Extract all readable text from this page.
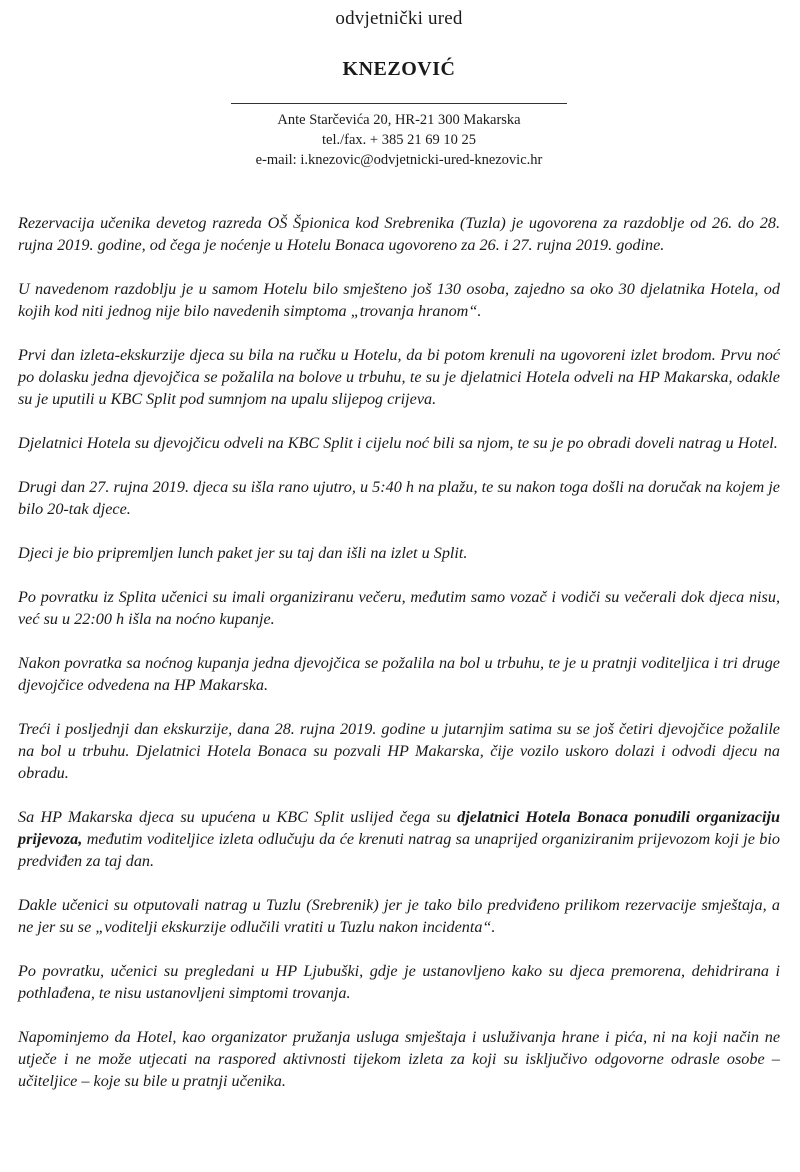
odvjetnički ured
KNEZOVIĆ
Ante Starčevića 20, HR-21 300 Makarska
tel./fax. + 385 21 69 10 25
e-mail: i.knezovic@odvjetnicki-ured-knezovic.hr

Rezervacija učenika devetog razreda OŠ Špionica kod Srebrenika (Tuzla) je ugovorena za razdoblje od 26. do 28. rujna 2019. godine, od čega je noćenje u Hotelu Bonaca ugovoreno za 26. i 27. rujna 2019. godine.

U navedenom razdoblju je u samom Hotelu bilo smješteno još 130 osoba, zajedno sa oko 30 djelatnika Hotela, od kojih kod niti jednog nije bilo navedenih simptoma „trovanja hranom“.

Prvi dan izleta-ekskurzije djeca su bila na ručku u Hotelu, da bi potom krenuli na ugovoreni izlet brodom. Prvu noć po dolasku jedna djevojčica se požalila na bolove u trbuhu, te su je djelatnici Hotela odveli na HP Makarska, odakle su je uputili u KBC Split pod sumnjom na upalu slijepog crijeva.

Djelatnici Hotela su djevojčicu odveli na KBC Split i cijelu noć bili sa njom, te su je po obradi doveli natrag u Hotel.

Drugi dan 27. rujna 2019. djeca su išla rano ujutro, u 5:40 h na plažu, te su nakon toga došli na doručak na kojem je bilo 20-tak djece.

Djeci je bio pripremljen lunch paket jer su taj dan išli na izlet u Split.

Po povratku iz Splita učenici su imali organiziranu večeru, međutim samo vozač i vodiči su večerali dok djeca nisu, već su u 22:00 h išla na noćno kupanje.

Nakon povratka sa noćnog kupanja jedna djevojčica se požalila na bol u trbuhu, te je u pratnji voditeljica i tri druge djevojčice odvedena na HP Makarska.

Treći i posljednji dan ekskurzije, dana 28. rujna 2019. godine u jutarnjim satima su se još četiri djevojčice požalile na bol u trbuhu. Djelatnici Hotela Bonaca su pozvali HP Makarska, čije vozilo uskoro dolazi i odvodi djecu na obradu.

Sa HP Makarska djeca su upućena u KBC Split uslijed čega su djelatnici Hotela Bonaca ponudili organizaciju prijevoza, međutim voditeljice izleta odlučuju da će krenuti natrag sa unaprijed organiziranim prijevozom koji je bio predviđen za taj dan.

Dakle učenici su otputovali natrag u Tuzlu (Srebrenik) jer je tako bilo predviđeno prilikom rezervacije smještaja, a ne jer su se „voditelji ekskurzije odlučili vratiti u Tuzlu nakon incidenta“.

Po povratku, učenici su pregledani u HP Ljubuški, gdje je ustanovljeno kako su djeca premorena, dehidrirana i pothlađena, te nisu ustanovljeni simptomi trovanja.

Napominjemo da Hotel, kao organizator pružanja usluga smještaja i usluživanja hrane i pića, ni na koji način ne utječe i ne može utjecati na raspored aktivnosti tijekom izleta za koji su isključivo odgovorne odrasle osobe – učiteljice – koje su bile u pratnji učenika.
